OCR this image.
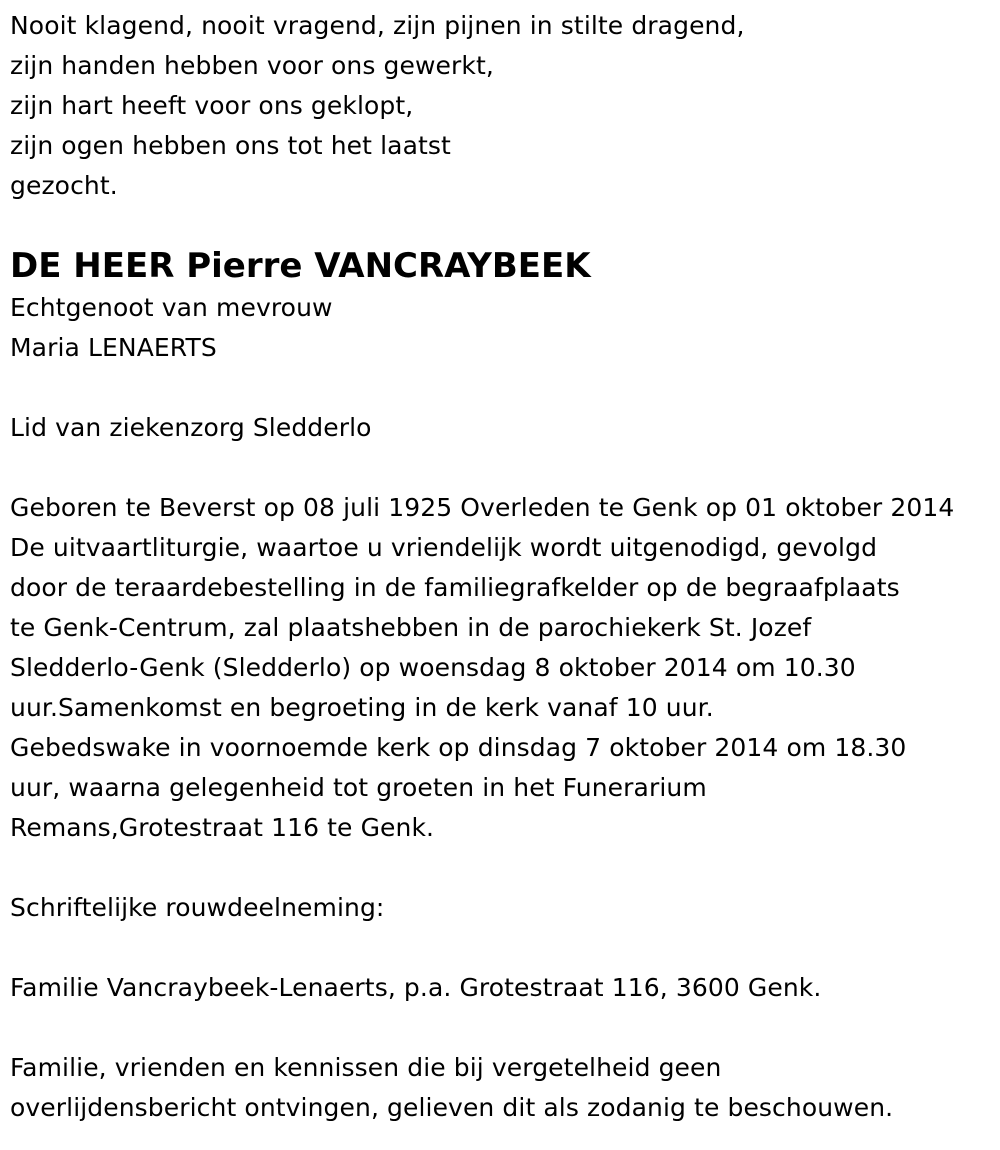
Nooit klagend, nooit vragend, zijn pijnen in stilte dragend,
zijn handen hebben voor ons gewerkt,
zijn hart heeft voor ons geklopt,
zijn ogen hebben ons tot het laatst
gezocht.
DE HEER Pierre VANCRAYBEEK
Echtgenoot van mevrouw
Maria LENAERTS
Lid van ziekenzorg Sledderlo
Geboren te Beverst op 08 juli 1925 Overleden te Genk op 01 oktober 2014
De uitvaartliturgie, waartoe u vriendelijk wordt uitgenodigd, gevolgd
door de teraardebestelling in de familiegrafkelder op de begraafplaats
te Genk-Centrum, zal plaatshebben in de parochiekerk St. Jozef
Sledderlo-Genk (Sledderlo) op woensdag 8 oktober 2014 om 10.30
uur.Samenkomst en begroeting in de kerk vanaf 10 uur.
Gebedswake in voornoemde kerk op dinsdag 7 oktober 2014 om 18.30
uur, waarna gelegenheid tot groeten in het Funerarium
Remans,Grotestraat 116 te Genk.
Schriftelijke rouwdeelneming:
Familie Vancraybeek-Lenaerts, p.a. Grotestraat 116, 3600 Genk.
Familie, vrienden en kennissen die bij vergetelheid geen
overlijdensbericht ontvingen, gelieven dit als zodanig te beschouwen.
